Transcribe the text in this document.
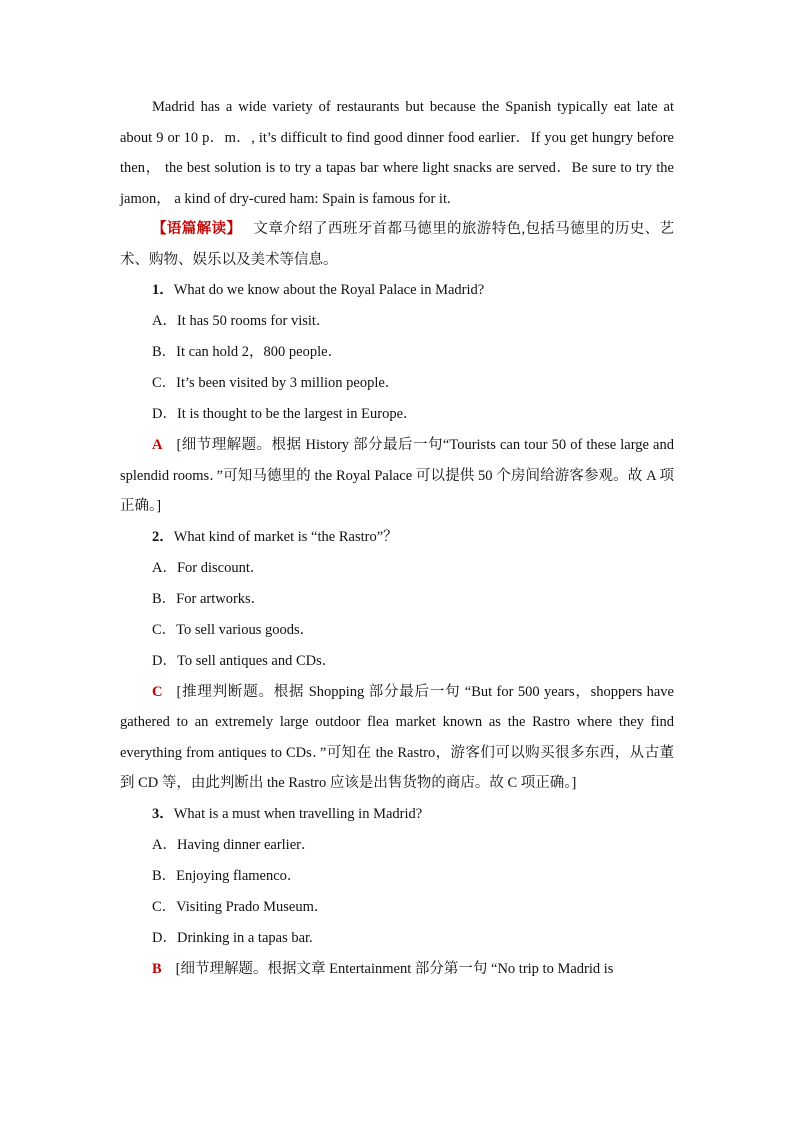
Madrid has a wide variety of restaurants but because the Spanish typically eat late at about 9 or 10 p．m．, it’s difficult to find good dinner food earlier．If you get hungry before then， the best solution is to try a tapas bar where light snacks are served．Be sure to try the jamon， a kind of dry-cured ham: Spain is famous for it.

【语篇解读】 文章介绍了西班牙首都马德里的旅游特色,包括马德里的历史、艺术、购物、娱乐以及美术等信息。

1．What do we know about the Royal Palace in Madrid?

A．It has 50 rooms for visit．

B．It can hold 2，800 people．

C．It’s been visited by 3 million people．

D．It is thought to be the largest in Europe．

A [细节理解题。根据 History 部分最后一句“Tourists can tour 50 of these large and splendid rooms．”可知马德里的 the Royal Palace 可以提供 50 个房间给游客参观。故 A 项正确。]

2．What kind of market is “the Rastro”？

A．For discount．

B．For artworks．

C．To sell various goods．

D．To sell antiques and CDs．

C [推理判断题。根据 Shopping 部分最后一句 “But for 500 years，shoppers have gathered to an extremely large outdoor flea market known as the Rastro where they find everything from antiques to CDs．”可知在 the Rastro，游客们可以购买很多东西，从古董到 CD 等，由此判断出 the Rastro 应该是出售货物的商店。故 C 项正确。]

3．What is a must when travelling in Madrid?

A．Having dinner earlier．

B．Enjoying flamenco．

C．Visiting Prado Museum．

D．Drinking in a tapas bar.

B [细节理解题。根据文章 Entertainment 部分第一句 “No trip to Madrid is
